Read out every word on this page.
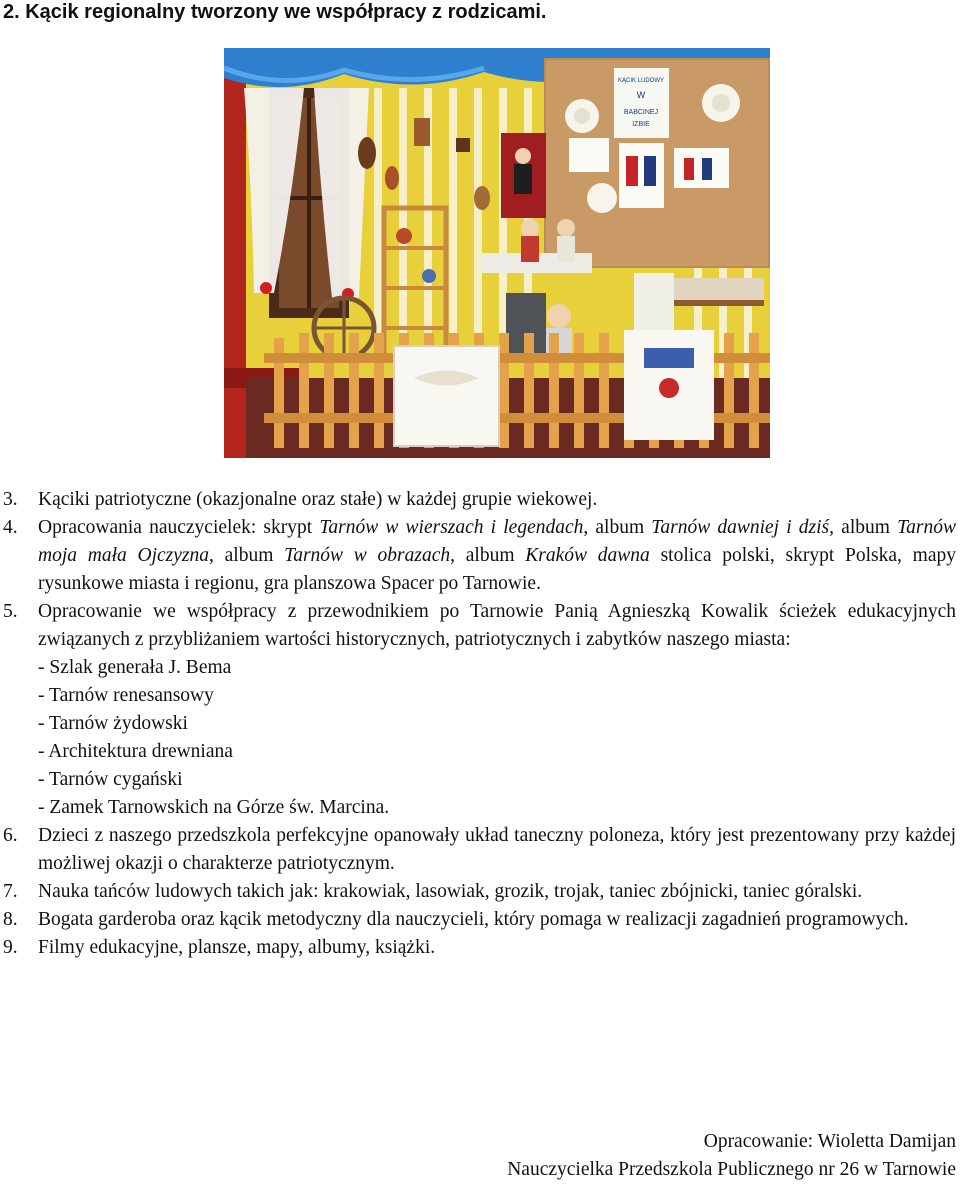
2. Kącik regionalny tworzony we współpracy z rodzicami.
KĄCIK LUDOWY
W
BABCINEJ
IZBIE
3. Kąciki patriotyczne (okazjonalne oraz stałe) w każdej grupie wiekowej.
4. Opracowania nauczycielek: skrypt Tarnów w wierszach i legendach, album Tarnów dawniej i dziś, album Tarnów moja mała Ojczyzna, album Tarnów w obrazach, album Kraków dawna stolica polski, skrypt Polska, mapy rysunkowe miasta i regionu, gra planszowa Spacer po Tarnowie.
5. Opracowanie we współpracy z przewodnikiem po Tarnowie Panią Agnieszką Kowalik ścieżek edukacyjnych związanych z przybliżaniem wartości historycznych, patriotycznych i zabytków naszego miasta:
- Szlak generała J. Bema
- Tarnów renesansowy
- Tarnów żydowski
- Architektura drewniana
- Tarnów cygański
- Zamek Tarnowskich na Górze św. Marcina.
6. Dzieci z naszego przedszkola perfekcyjne opanowały układ taneczny poloneza, który jest prezentowany przy każdej możliwej okazji o charakterze patriotycznym.
7. Nauka tańców ludowych takich jak: krakowiak, lasowiak, grozik, trojak, taniec zbójnicki, taniec góralski.
8. Bogata garderoba oraz kącik metodyczny dla nauczycieli, który pomaga w realizacji zagadnień programowych.
9. Filmy edukacyjne, plansze, mapy, albumy, książki.
Opracowanie: Wioletta Damijan
Nauczycielka Przedszkola Publicznego nr 26 w Tarnowie
